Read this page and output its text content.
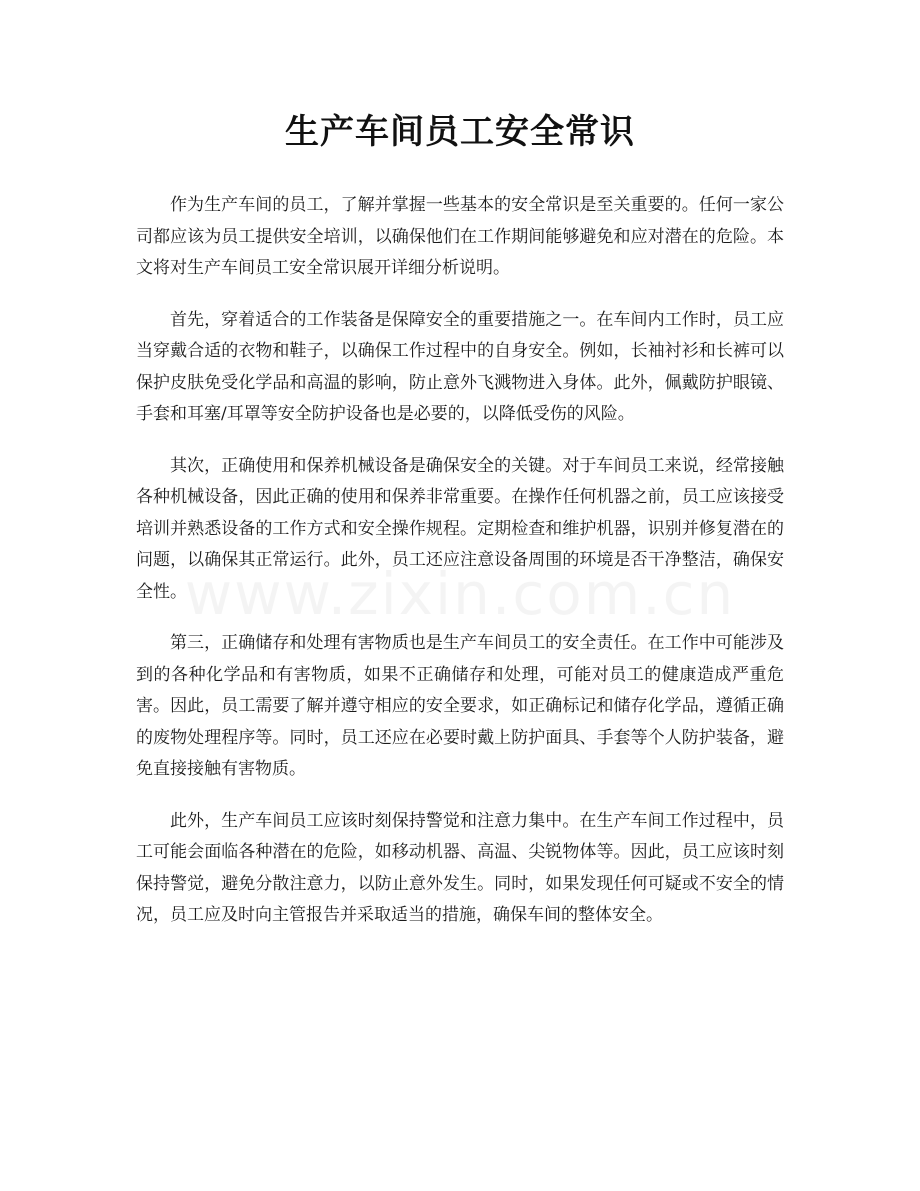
生产车间员工安全常识

作为生产车间的员工，了解并掌握一些基本的安全常识是至关重要的。任何一家公司都应该为员工提供安全培训，以确保他们在工作期间能够避免和应对潜在的危险。本文将对生产车间员工安全常识展开详细分析说明。

首先，穿着适合的工作装备是保障安全的重要措施之一。在车间内工作时，员工应当穿戴合适的衣物和鞋子，以确保工作过程中的自身安全。例如，长袖衬衫和长裤可以保护皮肤免受化学品和高温的影响，防止意外飞溅物进入身体。此外，佩戴防护眼镜、手套和耳塞/耳罩等安全防护设备也是必要的，以降低受伤的风险。

其次，正确使用和保养机械设备是确保安全的关键。对于车间员工来说，经常接触各种机械设备，因此正确的使用和保养非常重要。在操作任何机器之前，员工应该接受培训并熟悉设备的工作方式和安全操作规程。定期检查和维护机器，识别并修复潜在的问题，以确保其正常运行。此外，员工还应注意设备周围的环境是否干净整洁，确保安全性。

第三，正确储存和处理有害物质也是生产车间员工的安全责任。在工作中可能涉及到的各种化学品和有害物质，如果不正确储存和处理，可能对员工的健康造成严重危害。因此，员工需要了解并遵守相应的安全要求，如正确标记和储存化学品，遵循正确的废物处理程序等。同时，员工还应在必要时戴上防护面具、手套等个人防护装备，避免直接接触有害物质。

此外，生产车间员工应该时刻保持警觉和注意力集中。在生产车间工作过程中，员工可能会面临各种潜在的危险，如移动机器、高温、尖锐物体等。因此，员工应该时刻保持警觉，避免分散注意力，以防止意外发生。同时，如果发现任何可疑或不安全的情况，员工应及时向主管报告并采取适当的措施，确保车间的整体安全。
